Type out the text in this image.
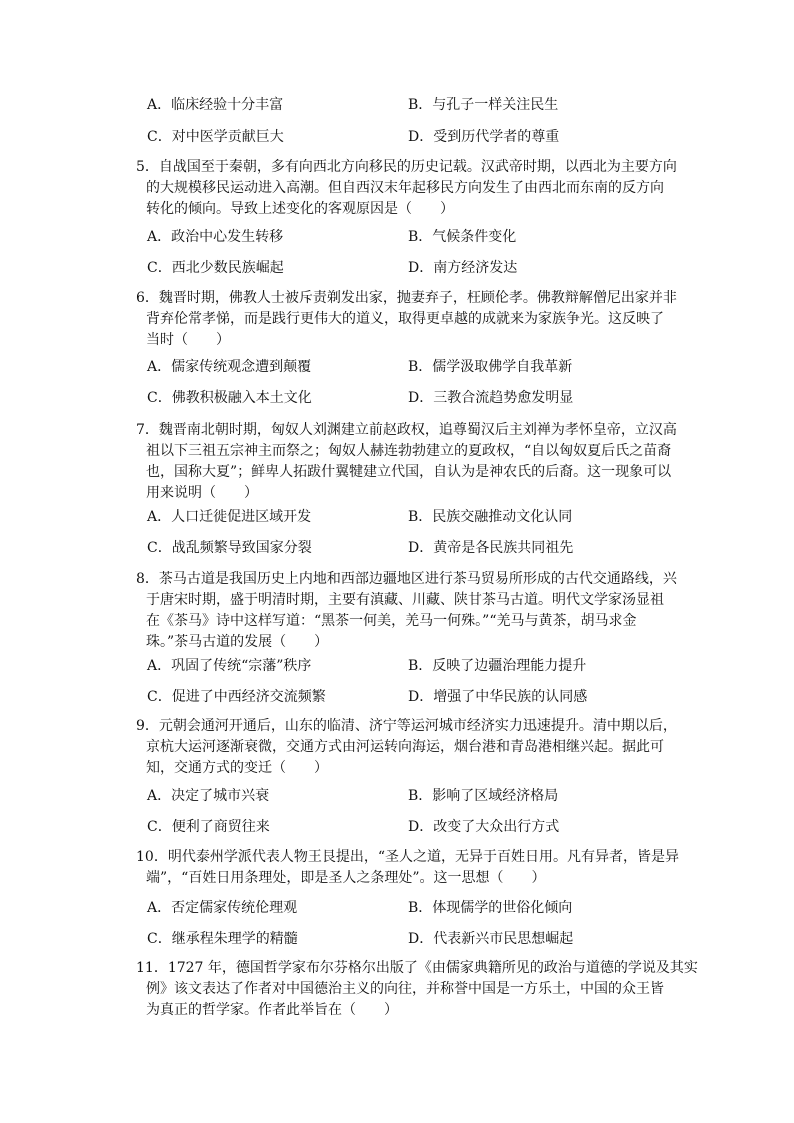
A．临床经验十分丰富	B．与孔子一样关注民生
C．对中医学贡献巨大	D．受到历代学者的尊重
5．自战国至于秦朝，多有向西北方向移民的历史记载。汉武帝时期，以西北为主要方向
的大规模移民运动进入高潮。但自西汉末年起移民方向发生了由西北而东南的反方向
转化的倾向。导致上述变化的客观原因是（　　）
A．政治中心发生转移	B．气候条件变化
C．西北少数民族崛起	D．南方经济发达
6．魏晋时期，佛教人士被斥责剃发出家，抛妻弃子，枉顾伦孝。佛教辩解僧尼出家并非
背弃伦常孝悌，而是践行更伟大的道义，取得更卓越的成就来为家族争光。这反映了
当时（　　）
A．儒家传统观念遭到颠覆	B．儒学汲取佛学自我革新
C．佛教积极融入本土文化	D．三教合流趋势愈发明显
7．魏晋南北朝时期，匈奴人刘渊建立前赵政权，追尊蜀汉后主刘禅为孝怀皇帝，立汉高
祖以下三祖五宗神主而祭之；匈奴人赫连勃勃建立的夏政权，“自以匈奴夏后氏之苗裔
也，国称大夏”；鲜卑人拓跋什翼犍建立代国，自认为是神农氏的后裔。这一现象可以
用来说明（　　）
A．人口迁徙促进区域开发	B．民族交融推动文化认同
C．战乱频繁导致国家分裂	D．黄帝是各民族共同祖先
8．茶马古道是我国历史上内地和西部边疆地区进行茶马贸易所形成的古代交通路线，兴
于唐宋时期，盛于明清时期，主要有滇藏、川藏、陕甘茶马古道。明代文学家汤显祖
在《茶马》诗中这样写道：“黑茶一何美，羌马一何殊。”“羌马与黄茶，胡马求金
珠。”茶马古道的发展（　　）
A．巩固了传统“宗藩”秩序	B．反映了边疆治理能力提升
C．促进了中西经济交流频繁	D．增强了中华民族的认同感
9．元朝会通河开通后，山东的临清、济宁等运河城市经济实力迅速提升。清中期以后，
京杭大运河逐渐衰微，交通方式由河运转向海运，烟台港和青岛港相继兴起。据此可
知，交通方式的变迁（　　）
A．决定了城市兴衰	B．影响了区域经济格局
C．便利了商贸往来	D．改变了大众出行方式
10．明代泰州学派代表人物王艮提出，“圣人之道，无异于百姓日用。凡有异者，皆是异
端”，“百姓日用条理处，即是圣人之条理处”。这一思想（　　）
A．否定儒家传统伦理观	B．体现儒学的世俗化倾向
C．继承程朱理学的精髓	D．代表新兴市民思想崛起
11．1727 年，德国哲学家布尔芬格尔出版了《由儒家典籍所见的政治与道德的学说及其实
例》该文表达了作者对中国德治主义的向往，并称誉中国是一方乐土，中国的众王皆
为真正的哲学家。作者此举旨在（　　）
